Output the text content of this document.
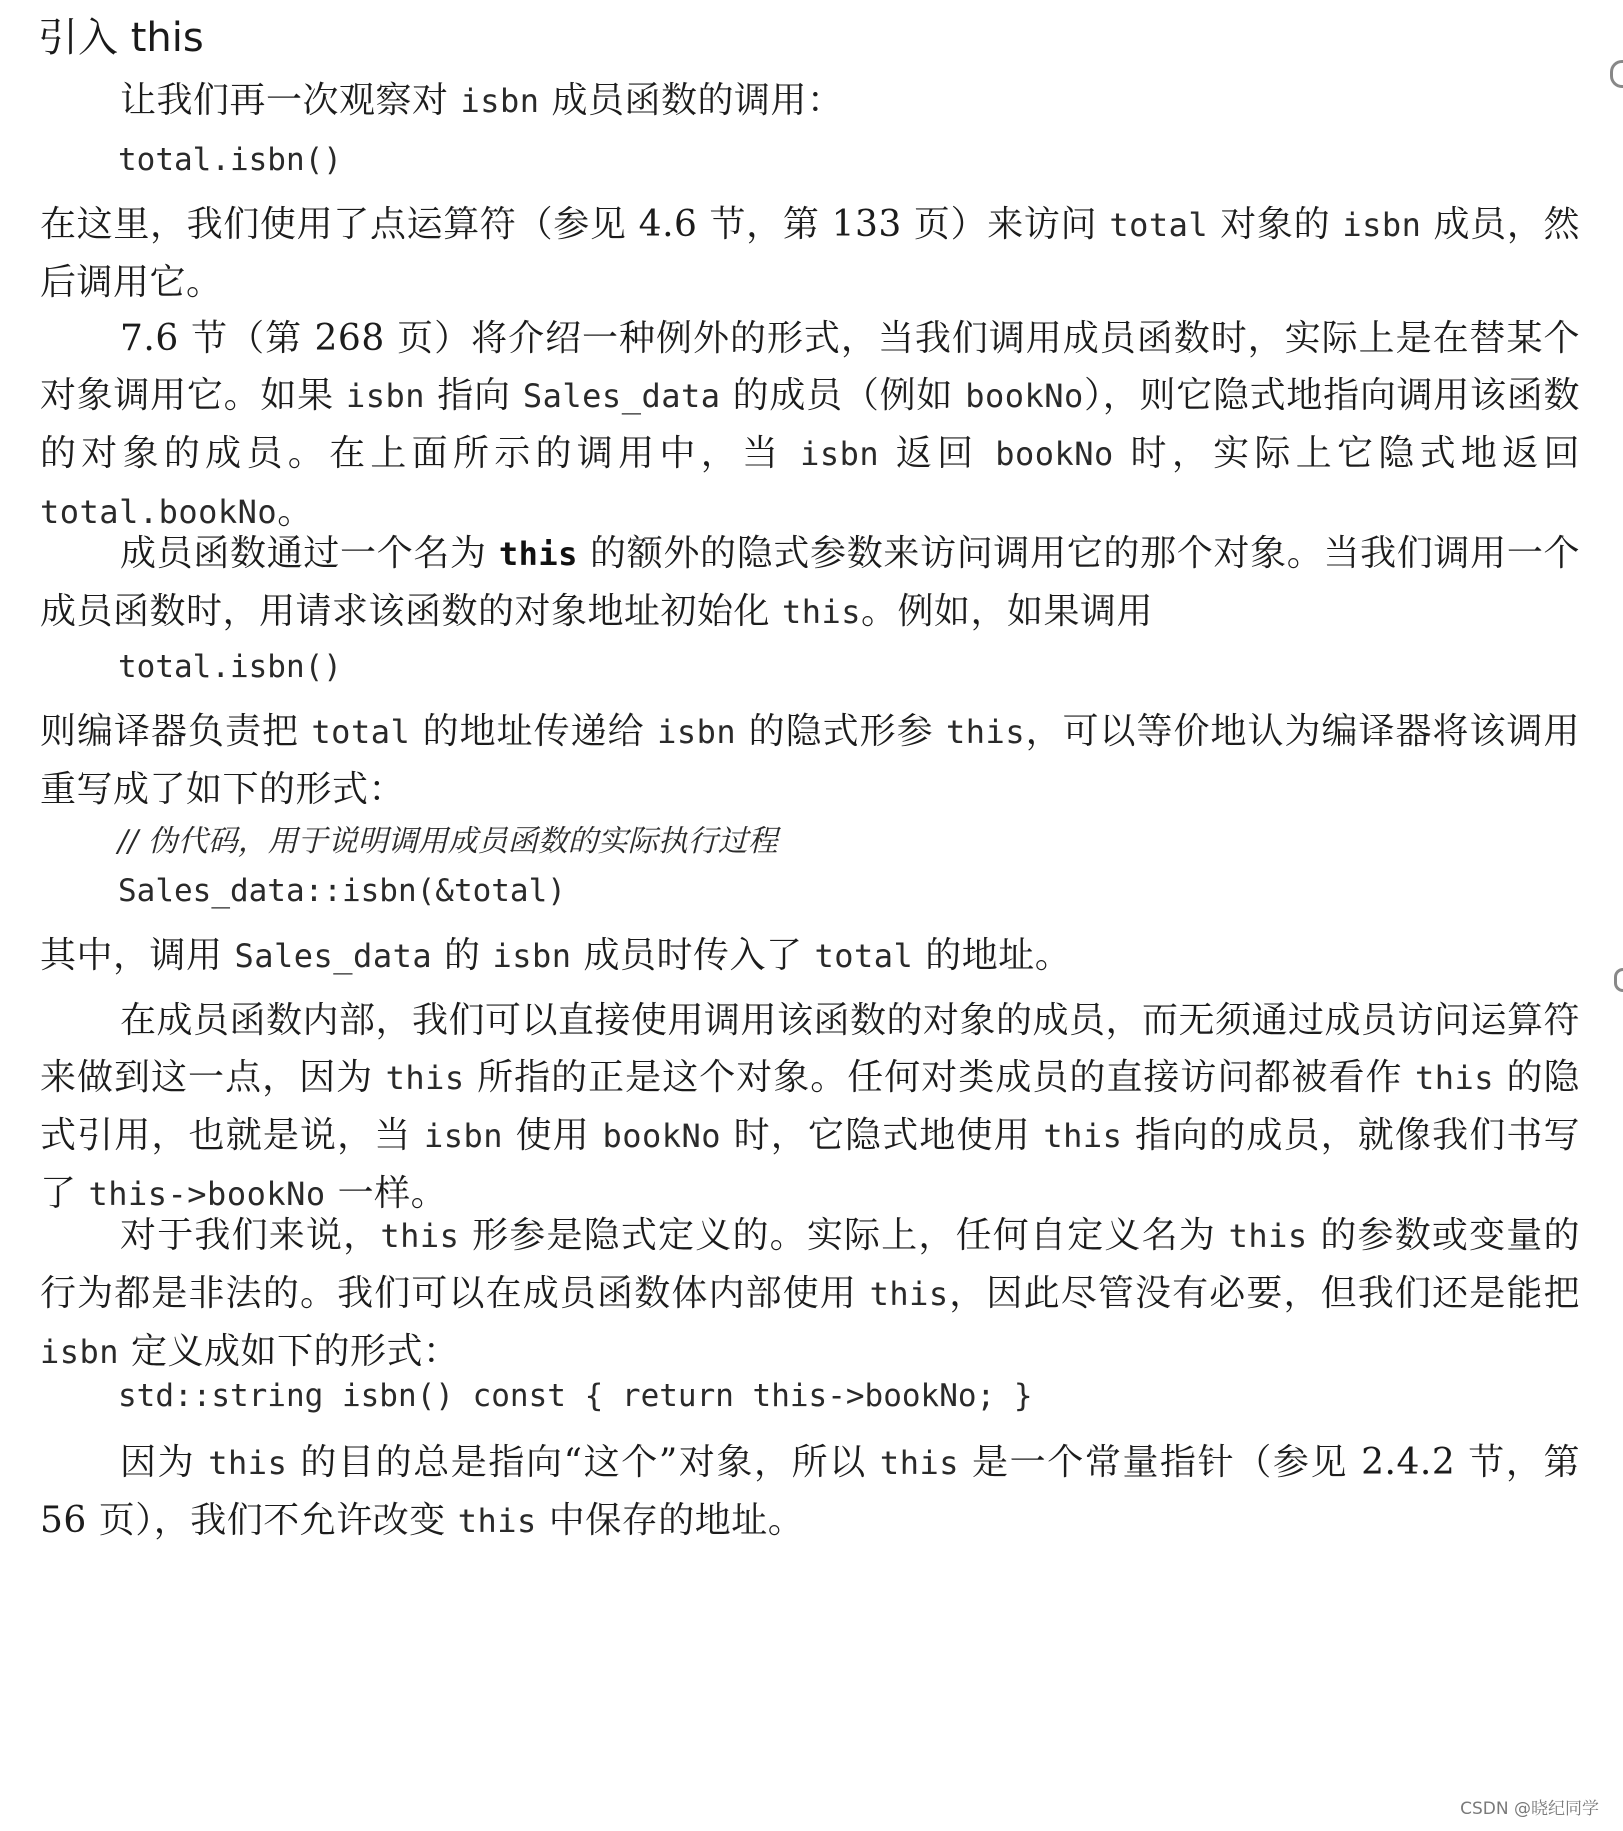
引入 this

让我们再一次观察对 isbn 成员函数的调用：

total.isbn()

在这里，我们使用了点运算符（参见 4.6 节，第 133 页）来访问 total 对象的 isbn 成员，然后调用它。

7.6 节（第 268 页）将介绍一种例外的形式，当我们调用成员函数时，实际上是在替某个对象调用它。如果 isbn 指向 Sales_data 的成员（例如 bookNo），则它隐式地指向调用该函数的对象的成员。在上面所示的调用中，当 isbn 返回 bookNo 时，实际上它隐式地返回 total.bookNo。

成员函数通过一个名为 this 的额外的隐式参数来访问调用它的那个对象。当我们调用一个成员函数时，用请求该函数的对象地址初始化 this。例如，如果调用

total.isbn()

则编译器负责把 total 的地址传递给 isbn 的隐式形参 this，可以等价地认为编译器将该调用重写成了如下的形式：

// 伪代码，用于说明调用成员函数的实际执行过程
Sales_data::isbn(&total)

其中，调用 Sales_data 的 isbn 成员时传入了 total 的地址。

在成员函数内部，我们可以直接使用调用该函数的对象的成员，而无须通过成员访问运算符来做到这一点，因为 this 所指的正是这个对象。任何对类成员的直接访问都被看作 this 的隐式引用，也就是说，当 isbn 使用 bookNo 时，它隐式地使用 this 指向的成员，就像我们书写了 this->bookNo 一样。

对于我们来说，this 形参是隐式定义的。实际上，任何自定义名为 this 的参数或变量的行为都是非法的。我们可以在成员函数体内部使用 this，因此尽管没有必要，但我们还是能把 isbn 定义成如下的形式：

std::string isbn() const { return this->bookNo; }

因为 this 的目的总是指向“这个”对象，所以 this 是一个常量指针（参见 2.4.2 节，第 56 页），我们不允许改变 this 中保存的地址。

CSDN @晓纪同学
